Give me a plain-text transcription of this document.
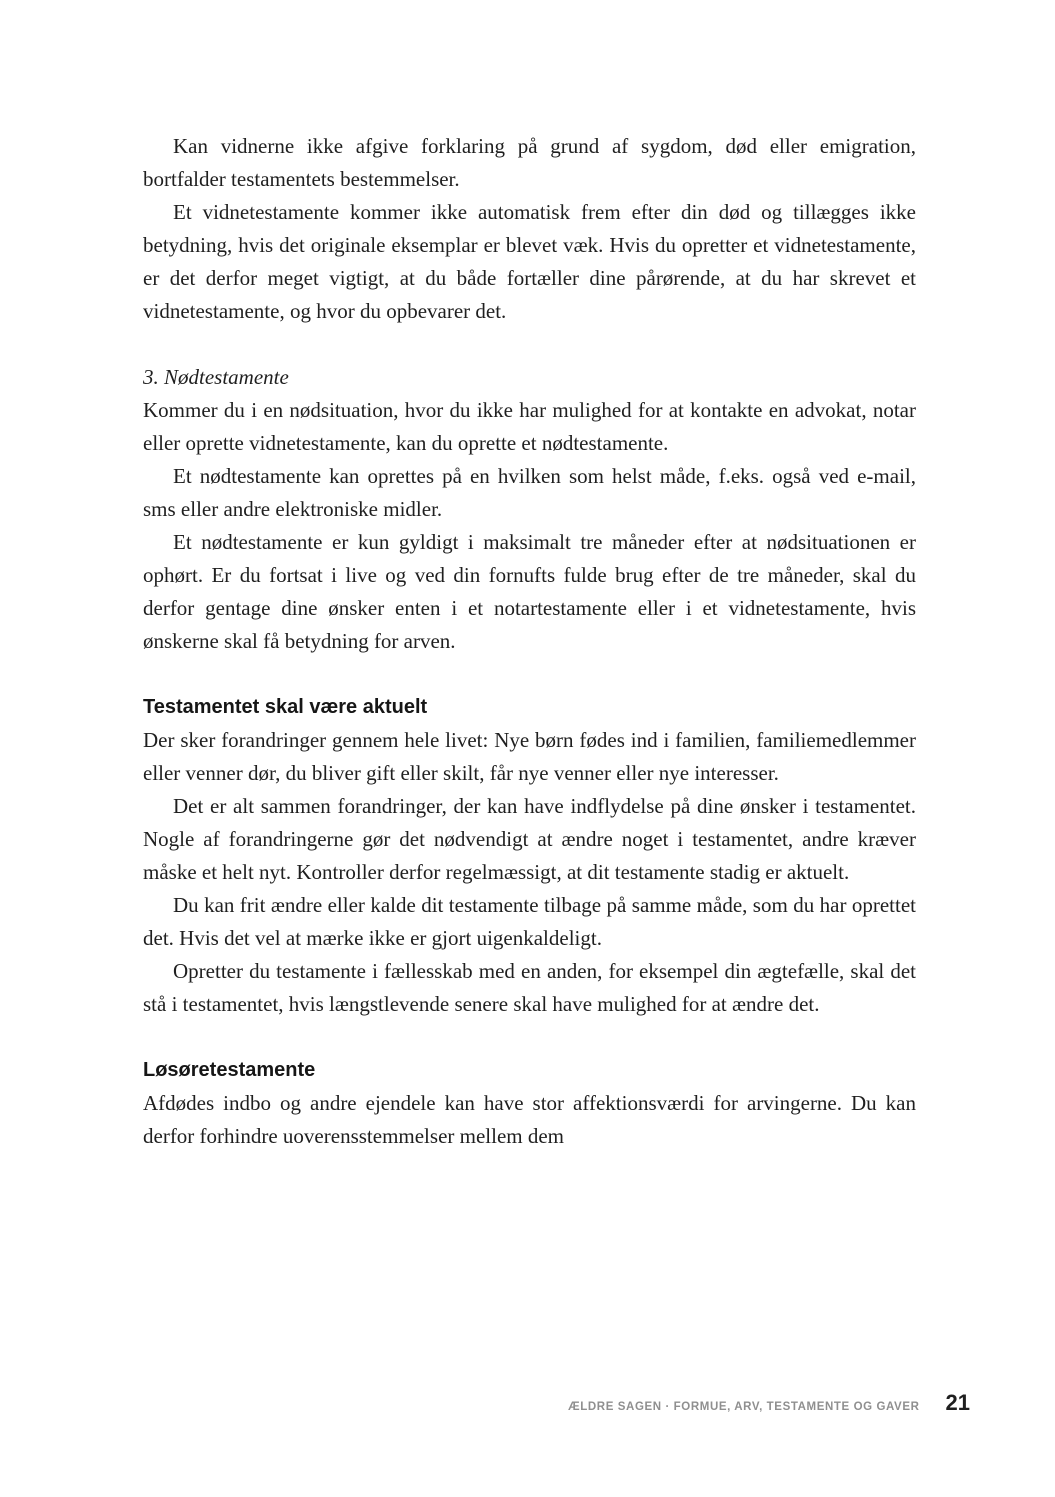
Kan vidnerne ikke afgive forklaring på grund af sygdom, død eller emigration, bortfalder testamentets bestemmelser.
Et vidnetestamente kommer ikke automatisk frem efter din død og tillægges ikke betydning, hvis det originale eksemplar er blevet væk. Hvis du opretter et vidnetestamente, er det derfor meget vigtigt, at du både fortæller dine pårørende, at du har skrevet et vidnetestamente, og hvor du opbevarer det.
3. Nødtestamente
Kommer du i en nødsituation, hvor du ikke har mulighed for at kontakte en advokat, notar eller oprette vidnetestamente, kan du oprette et nødtestamente.
Et nødtestamente kan oprettes på en hvilken som helst måde, f.eks. også ved e-mail, sms eller andre elektroniske midler.
Et nødtestamente er kun gyldigt i maksimalt tre måneder efter at nødsituationen er ophørt. Er du fortsat i live og ved din fornufts fulde brug efter de tre måneder, skal du derfor gentage dine ønsker enten i et notartestamente eller i et vidnetestamente, hvis ønskerne skal få betydning for arven.
Testamentet skal være aktuelt
Der sker forandringer gennem hele livet: Nye børn fødes ind i familien, familiemedlemmer eller venner dør, du bliver gift eller skilt, får nye venner eller nye interesser.
Det er alt sammen forandringer, der kan have indflydelse på dine ønsker i testamentet. Nogle af forandringerne gør det nødvendigt at ændre noget i testamentet, andre kræver måske et helt nyt. Kontroller derfor regelmæssigt, at dit testamente stadig er aktuelt.
Du kan frit ændre eller kalde dit testamente tilbage på samme måde, som du har oprettet det. Hvis det vel at mærke ikke er gjort uigenkaldeligt.
Opretter du testamente i fællesskab med en anden, for eksempel din ægtefælle, skal det stå i testamentet, hvis længstlevende senere skal have mulighed for at ændre det.
Løsøretestamente
Afdødes indbo og andre ejendele kan have stor affektionsværdi for arvingerne. Du kan derfor forhindre uoverensstemmelser mellem dem
ÆLDRE SAGEN · FORMUE, ARV, TESTAMENTE OG GAVER 21
